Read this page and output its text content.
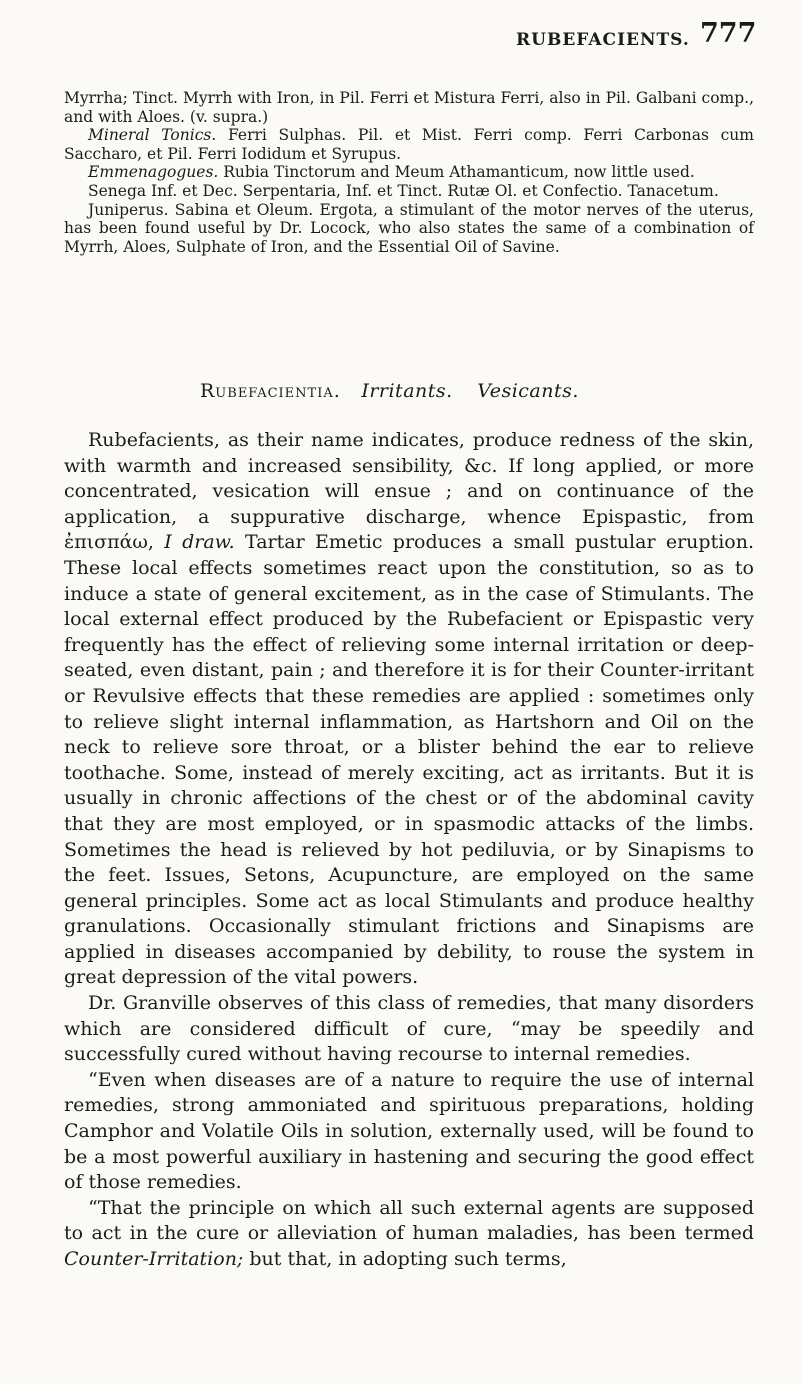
RUBEFACIENTS. 777

Myrrha; Tinct. Myrrh with Iron, in Pil. Ferri et Mistura Ferri, also in Pil. Galbani comp., and with Aloes. (v. supra.)

Mineral Tonics. Ferri Sulphas. Pil. et Mist. Ferri comp. Ferri Carbonas cum Saccharo, et Pil. Ferri Iodidum et Syrupus.

Emmenagogues. Rubia Tinctorum and Meum Athamanticum, now little used.

Senega Inf. et Dec. Serpentaria, Inf. et Tinct. Rutæ Ol. et Confectio. Tanacetum.

Juniperus. Sabina et Oleum. Ergota, a stimulant of the motor nerves of the uterus, has been found useful by Dr. Locock, who also states the same of a combination of Myrrh, Aloes, Sulphate of Iron, and the Essential Oil of Savine.

Rubefacientia. Irritants. Vesicants.

Rubefacients, as their name indicates, produce redness of the skin, with warmth and increased sensibility, &c. If long applied, or more concentrated, vesication will ensue ; and on continuance of the application, a suppurative discharge, whence Epispastic, from ἐπισπάω, I draw. Tartar Emetic produces a small pustular eruption. These local effects sometimes react upon the constitution, so as to induce a state of general excitement, as in the case of Stimulants. The local external effect produced by the Rubefacient or Epispastic very frequently has the effect of relieving some internal irritation or deep-seated, even distant, pain ; and therefore it is for their Counter-irritant or Revulsive effects that these remedies are applied : sometimes only to relieve slight internal inflammation, as Hartshorn and Oil on the neck to relieve sore throat, or a blister behind the ear to relieve toothache. Some, instead of merely exciting, act as irritants. But it is usually in chronic affections of the chest or of the abdominal cavity that they are most employed, or in spasmodic attacks of the limbs. Sometimes the head is relieved by hot pediluvia, or by Sinapisms to the feet. Issues, Setons, Acupuncture, are employed on the same general principles. Some act as local Stimulants and produce healthy granulations. Occasionally stimulant frictions and Sinapisms are applied in diseases accompanied by debility, to rouse the system in great depression of the vital powers.

Dr. Granville observes of this class of remedies, that many disorders which are considered difficult of cure, “may be speedily and successfully cured without having recourse to internal remedies.

“Even when diseases are of a nature to require the use of internal remedies, strong ammoniated and spirituous preparations, holding Camphor and Volatile Oils in solution, externally used, will be found to be a most powerful auxiliary in hastening and securing the good effect of those remedies.

“That the principle on which all such external agents are supposed to act in the cure or alleviation of human maladies, has been termed Counter-Irritation; but that, in adopting such terms,
